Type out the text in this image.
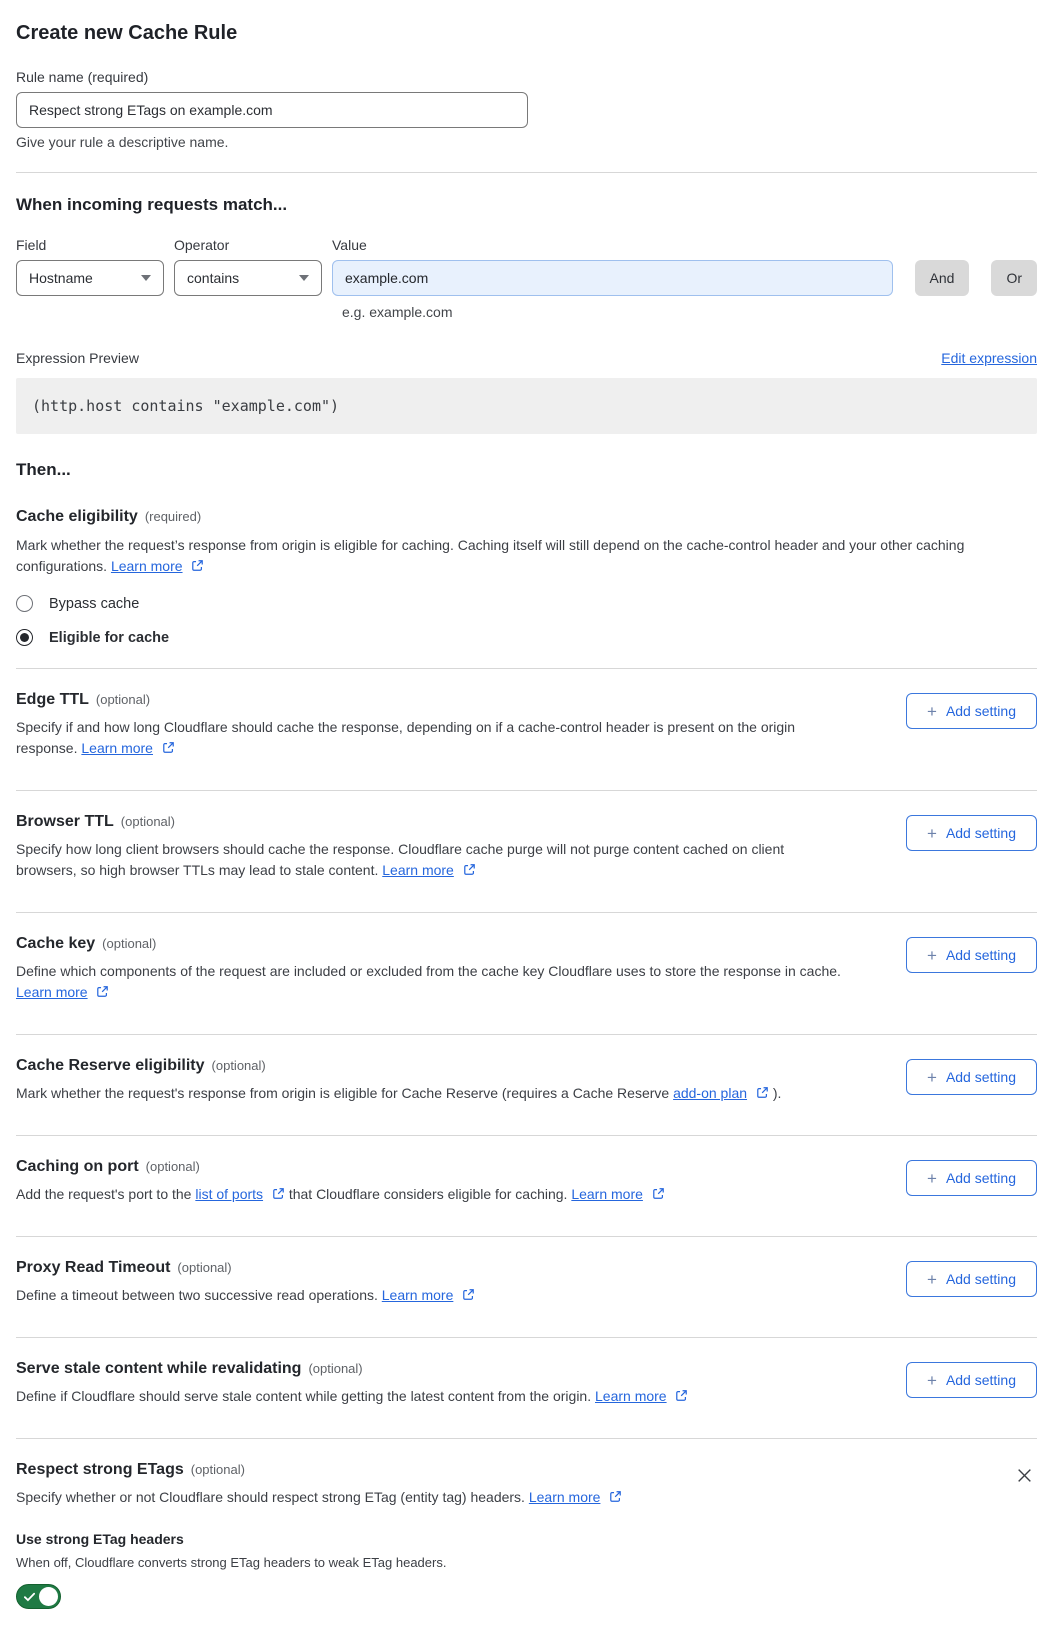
Create new Cache Rule
Rule name (required)
Respect strong ETags on example.com
Give your rule a descriptive name.
When incoming requests match...
Field
Hostname
Operator
contains
Value
example.com
And	Or
e.g. example.com
Expression Preview	Edit expression
(http.host contains "example.com")
Then...
Cache eligibility (required)
Mark whether the request’s response from origin is eligible for caching. Caching itself will still depend on the cache-control header and your other caching configurations. Learn more
Bypass cache
Eligible for cache
Edge TTL (optional)
Specify if and how long Cloudflare should cache the response, depending on if a cache-control header is present on the origin response. Learn more
+ Add setting
Browser TTL (optional)
Specify how long client browsers should cache the response. Cloudflare cache purge will not purge content cached on client browsers, so high browser TTLs may lead to stale content. Learn more
+ Add setting
Cache key (optional)
Define which components of the request are included or excluded from the cache key Cloudflare uses to store the response in cache. Learn more
+ Add setting
Cache Reserve eligibility (optional)
Mark whether the request's response from origin is eligible for Cache Reserve (requires a Cache Reserve add-on plan  ).
+ Add setting
Caching on port (optional)
Add the request's port to the list of ports  that Cloudflare considers eligible for caching. Learn more
+ Add setting
Proxy Read Timeout (optional)
Define a timeout between two successive read operations. Learn more
+ Add setting
Serve stale content while revalidating (optional)
Define if Cloudflare should serve stale content while getting the latest content from the origin. Learn more
+ Add setting
Respect strong ETags (optional)
Specify whether or not Cloudflare should respect strong ETag (entity tag) headers. Learn more
Use strong ETag headers
When off, Cloudflare converts strong ETag headers to weak ETag headers.
